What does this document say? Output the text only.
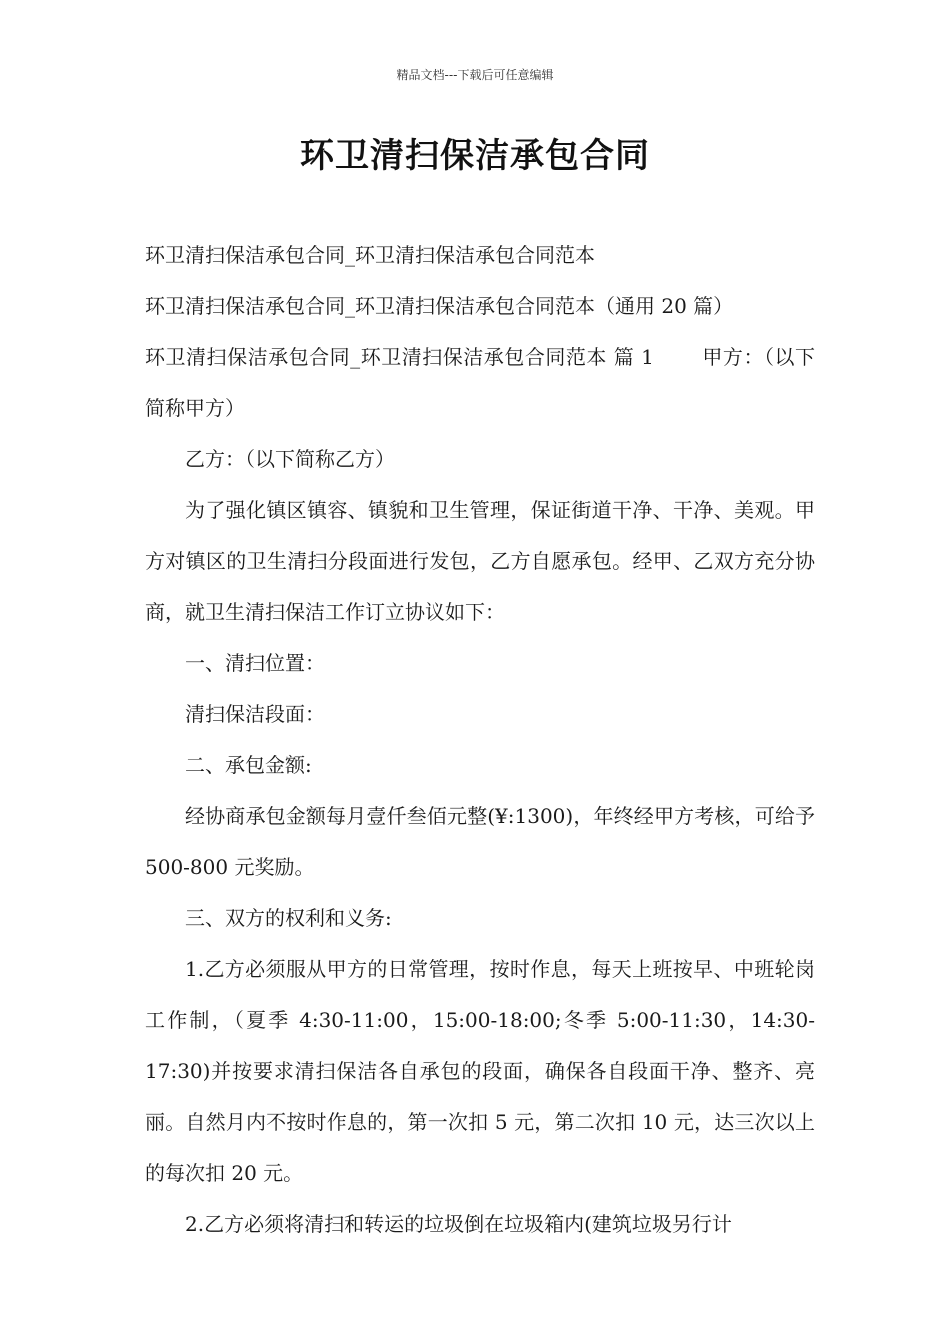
精品文档---下载后可任意编辑
环卫清扫保洁承包合同

环卫清扫保洁承包合同_环卫清扫保洁承包合同范本

环卫清扫保洁承包合同_环卫清扫保洁承包合同范本（通用 20 篇）

环卫清扫保洁承包合同_环卫清扫保洁承包合同范本 篇 1 甲方：（以下简称甲方）

乙方：（以下简称乙方）

为了强化镇区镇容、镇貌和卫生管理，保证街道干净、干净、美观。甲方对镇区的卫生清扫分段面进行发包，乙方自愿承包。经甲、乙双方充分协商，就卫生清扫保洁工作订立协议如下：

一、清扫位置：

清扫保洁段面：

二、承包金额:

经协商承包金额每月壹仟叁佰元整(¥:1300)，年终经甲方考核，可给予 500-800 元奖励。

三、双方的权利和义务:

1.乙方必须服从甲方的日常管理，按时作息，每天上班按早、中班轮岗工作制，（夏季 4:30-11:00，15:00-18:00;冬季 5:00-11:30，14:30-17:30)并按要求清扫保洁各自承包的段面，确保各自段面干净、整齐、亮丽。自然月内不按时作息的，第一次扣 5 元，第二次扣 10 元，达三次以上的每次扣 20 元。

2.乙方必须将清扫和转运的垃圾倒在垃圾箱内(建筑垃圾另行计
